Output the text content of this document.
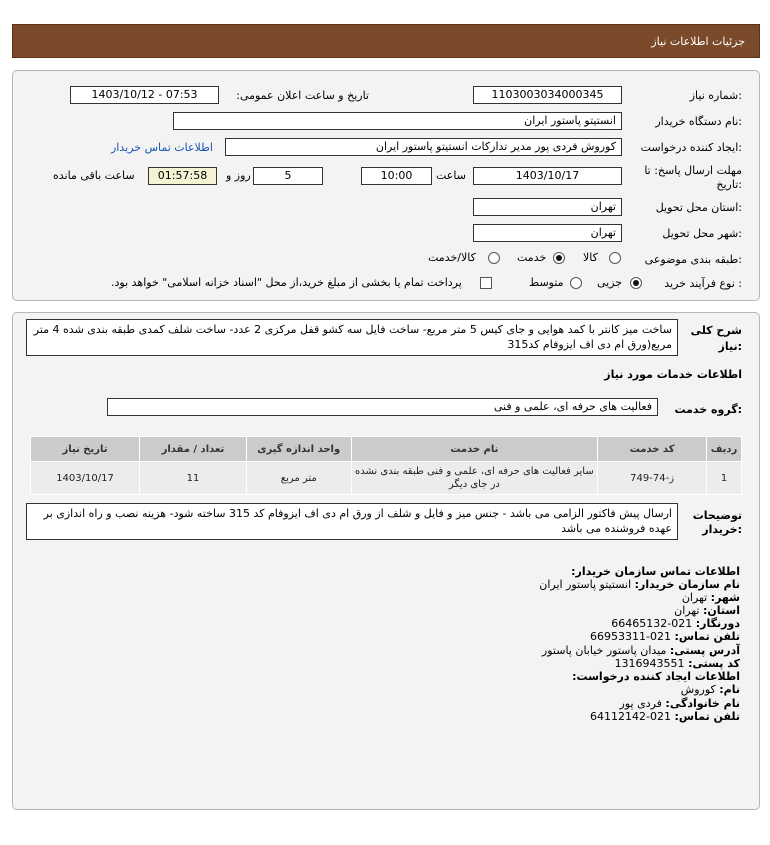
جزئیات اطلاعات نیاز
شماره نیاز:
1103003034000345
تاریخ و ساعت اعلان عمومی:
1403/10/12 - 07:53
نام دستگاه خریدار:
انستیتو پاستور ایران
ایجاد کننده درخواست:
کوروش فردی پور مدیر تدارکات انستیتو پاستور ایران
اطلاعات تماس خریدار
مهلت ارسال پاسخ: تا
تاریخ:
1403/10/17
ساعت
10:00
5
روز و
01:57:58
ساعت باقی مانده
استان محل تحویل:
تهران
شهر محل تحویل:
تهران
طبقه بندی موضوعی:
کالا
خدمت
کالا/خدمت
نوع فرآیند خرید :
جزیی
متوسط
پرداخت تمام یا بخشی از مبلغ خرید،از محل "اسناد خزانه اسلامی" خواهد بود.
شرح کلی
نیاز:
ساخت میز کانتر با کمد هوایی و جای کیس 5 متر مربع- ساخت فایل سه کشو قفل مرکزی 2 عدد- ساخت شلف کمدی طبقه بندی شده 4 متر مربع(ورق ام دی اف ایزوفام کد315
اطلاعات خدمات مورد نیاز
گروه خدمت:
فعالیت های حرفه ای، علمی و فنی
ردیف	کد خدمت	نام خدمت	واحد اندازه گیری	تعداد / مقدار	تاریخ نیاز
1	ز-74-749	سایر فعالیت های حرفه ای، علمی و فنی طبقه بندی نشده در جای دیگر	متر مربع	11	1403/10/17
توضیحات
خریدار:
ارسال پیش فاکتور الزامی می باشد - جنس میز و فایل و شلف از ورق ام دی اف ایزوفام کد 315 ساخته شود- هزینه نصب و راه اندازی بر عهده فروشنده می باشد
اطلاعات تماس سازمان خریدار:
نام سازمان خریدار: انستیتو پاستور ایران
شهر: تهران
استان: تهران
دورنگار: 021-66465132
تلفن تماس: 021-66953311
آدرس پستی: میدان پاستور خیابان پاستور
کد پستی: 1316943551
اطلاعات ایجاد کننده درخواست:
نام: کوروش
نام خانوادگی: فردی پور
تلفن تماس: 021-64112142
